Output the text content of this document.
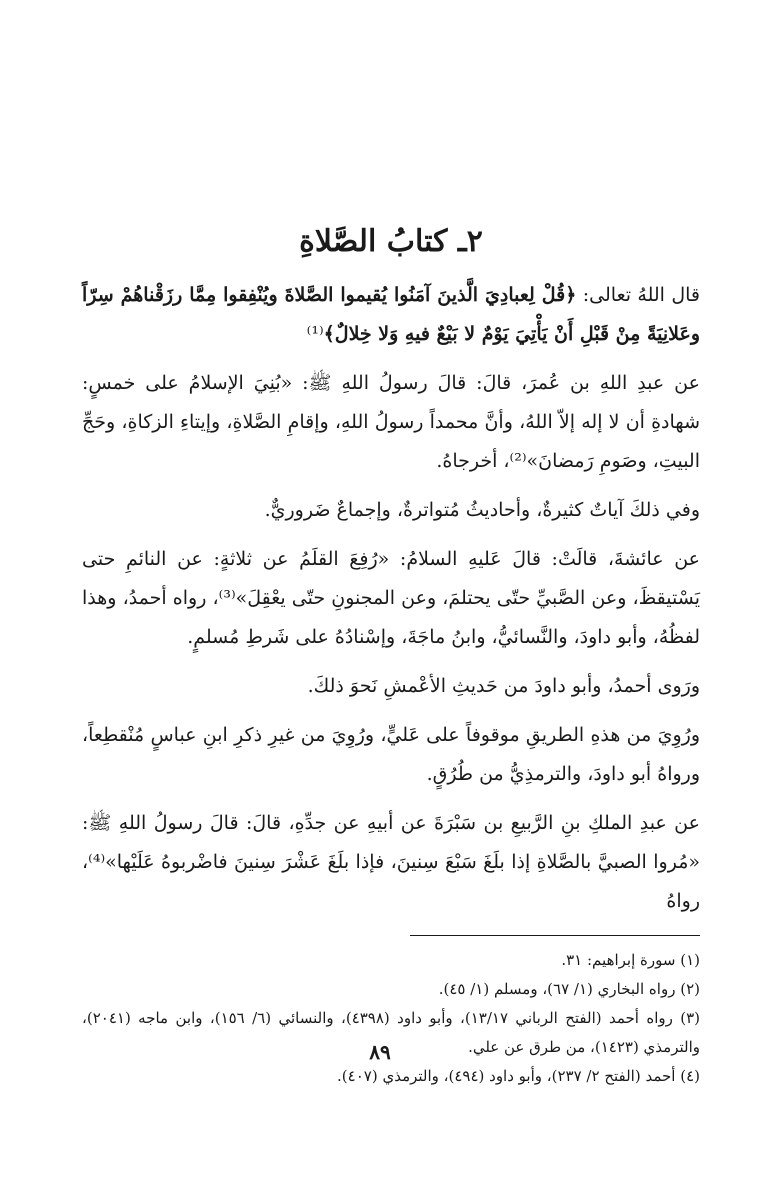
٢ـ كتابُ الصَّلاةِ

قال اللهُ تعالى: ﴿قُلْ لِعبادِيَ الَّذينَ آمَنُوا يُقيموا الصَّلاةَ ويُنْفِقوا مِمَّا رزَقْناهُمْ سِرّاً وعَلانِيَةً مِنْ قَبْلِ أَنْ يَأْتِيَ يَوْمٌ لا بَيْعٌ فيهِ وَلا خِلالٌ﴾⁽¹⁾

عن عبدِ اللهِ بن عُمرَ، قالَ: قالَ رسولُ اللهِ ﷺ: «بُنِيَ الإسلامُ على خمسٍ: شهادةِ أن لا إله إلاّ اللهُ، وأنَّ محمداً رسولُ اللهِ، وإقامِ الصَّلاةِ، وإيتاءِ الزكاةِ، وحَجِّ البيتِ، وصَومِ رَمضانَ»⁽²⁾، أخرجاهُ.

وفي ذلكَ آياتٌ كثيرةٌ، وأحاديثُ مُتواترةٌ، وإجماعٌ ضَروريٌّ.

عن عائشةَ، قالَتْ: قالَ عَليهِ السلامُ: «رُفِعَ القلَمُ عن ثلاثةٍ: عن النائمِ حتى يَسْتيقظَ، وعن الصَّبيِّ حتّى يحتلمَ، وعن المجنونِ حتّى يعْقِلَ»⁽³⁾، رواه أحمدُ، وهذا لفظُهُ، وأبو داودَ، والنَّسائيُّ، وابنُ ماجَةَ، وإسْنادُهُ على شَرطِ مُسلمٍ.

ورَوى أحمدُ، وأبو داودَ من حَديثِ الأعْمشِ نَحوَ ذلكَ.

ورُوِيَ من هذهِ الطريقِ موقوفاً على عَليٍّ، ورُوِيَ من غيرِ ذكرِ ابنِ عباسٍ مُنْقطِعاً، ورواهُ أبو داودَ، والترمذِيُّ من طُرُقٍ.

عن عبدِ الملكِ بنِ الرَّبيعِ بن سَبْرَةَ عن أبيهِ عن جدِّهِ، قالَ: قالَ رسولُ اللهِ ﷺ: «مُروا الصبيَّ بالصَّلاةِ إذا بلَغَ سَبْعَ سِنينَ، فإذا بلَغَ عَشْرَ سِنينَ فاضْربوهُ عَلَيْها»⁽⁴⁾، رواهُ

(١) سورة إبراهيم: ٣١.

(٢) رواه البخاري (١/ ٦٧)، ومسلم (١/ ٤٥).

(٣) رواه أحمد (الفتح الرباني ١٣/١٧)، وأبو داود (٤٣٩٨)، والنسائي (٦/ ١٥٦)، وابن ماجه (٢٠٤١)، والترمذي (١٤٢٣)، من طرق عن علي.

(٤) أحمد (الفتح ٢/ ٢٣٧)، وأبو داود (٤٩٤)، والترمذي (٤٠٧).

٨٩
